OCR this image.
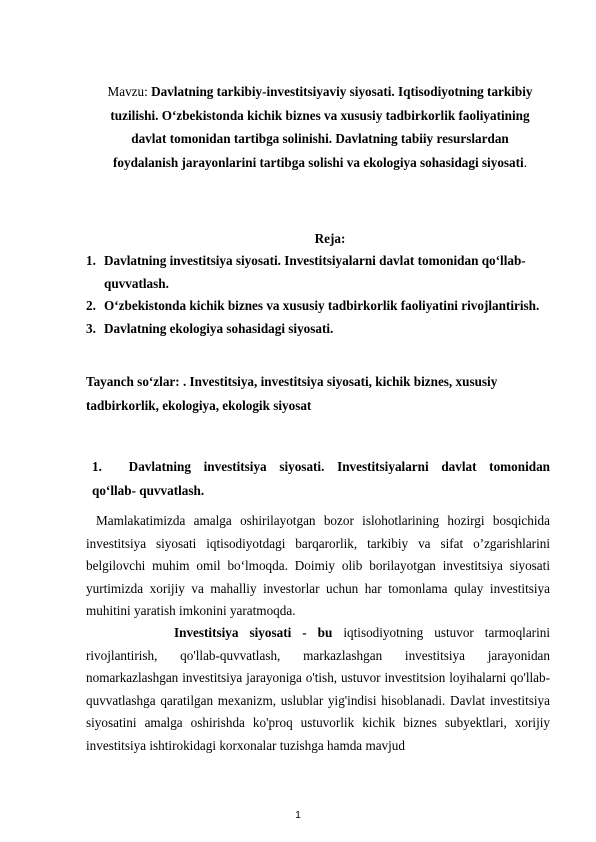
Mavzu: Davlatning tarkibiy-investitsiyaviy siyosati. Iqtisodiyotning tarkibiy tuzilishi. O‘zbekistonda kichik biznes va xususiy tadbirkorlik faoliyatining davlat tomonidan tartibga solinishi. Davlatning tabiiy resurslardan foydalanish jarayonlarini tartibga solishi va ekologiya sohasidagi siyosati.
Reja:
1. Davlatning investitsiya siyosati. Investitsiyalarni davlat tomonidan qo‘llab- quvvatlash.
2. O‘zbekistonda kichik biznes va xususiy tadbirkorlik faoliyatini rivojlantirish.
3. Davlatning ekologiya sohasidagi siyosati.
Tayanch so‘zlar: . Investitsiya, investitsiya siyosati, kichik biznes, xususiy tadbirkorlik, ekologiya, ekologik siyosat
1.	Davlatning investitsiya siyosati. Investitsiyalarni davlat tomonidan
qo‘llab- quvvatlash.
Mamlakatimizda amalga oshirilayotgan bozor islohotlarining hozirgi bosqichida investitsiya siyosati iqtisodiyotdagi barqarorlik, tarkibiy va sifat o’zgarishlarini belgilovchi muhim omil bo‘lmoqda. Doimiy olib borilayotgan investitsiya siyosati yurtimizda xorijiy va mahalliy investorlar uchun har tomonlama qulay investitsiya muhitini yaratish imkonini yaratmoqda.
Investitsiya siyosati - bu iqtisodiyotning ustuvor tarmoqlarini rivojlantirish, qo'llab-quvvatlash, markazlashgan investitsiya jarayonidan nomarkazlashgan investitsiya jarayoniga o'tish, ustuvor investitsion loyihalarni qo'llab-quvvatlashga qaratilgan mexanizm, uslublar yig'indisi hisoblanadi. Davlat investitsiya siyosatini amalga oshirishda ko'proq ustuvorlik kichik biznes subyektlari, xorijiy investitsiya ishtirokidagi korxonalar tuzishga hamda mavjud
1
